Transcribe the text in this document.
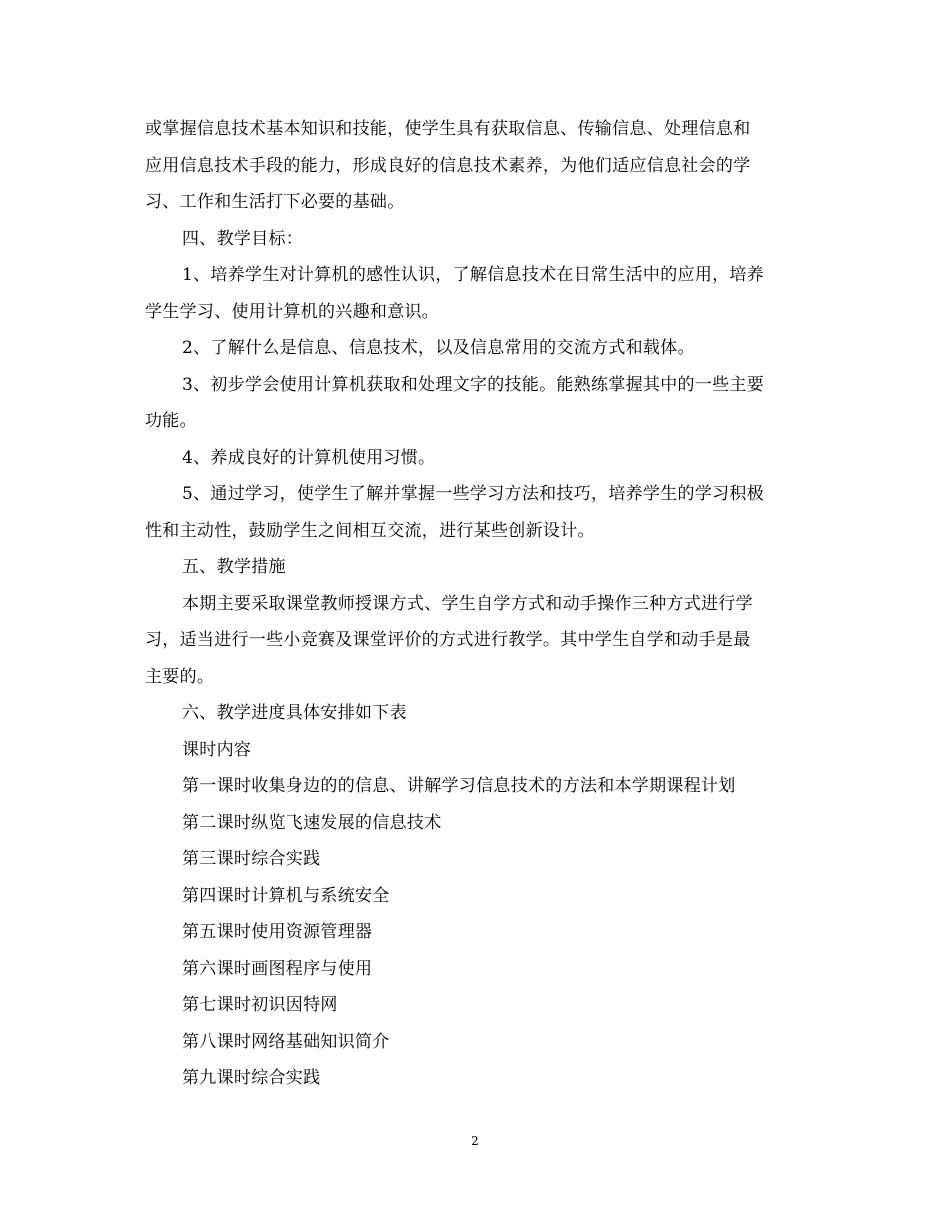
或掌握信息技术基本知识和技能，使学生具有获取信息、传输信息、处理信息和
应用信息技术手段的能力，形成良好的信息技术素养，为他们适应信息社会的学
习、工作和生活打下必要的基础。
四、教学目标：
1、培养学生对计算机的感性认识，了解信息技术在日常生活中的应用，培养
学生学习、使用计算机的兴趣和意识。
2、了解什么是信息、信息技术，以及信息常用的交流方式和载体。
3、初步学会使用计算机获取和处理文字的技能。能熟练掌握其中的一些主要
功能。
4、养成良好的计算机使用习惯。
5、通过学习，使学生了解并掌握一些学习方法和技巧，培养学生的学习积极
性和主动性，鼓励学生之间相互交流，进行某些创新设计。
五、教学措施
本期主要采取课堂教师授课方式、学生自学方式和动手操作三种方式进行学
习，适当进行一些小竞赛及课堂评价的方式进行教学。其中学生自学和动手是最
主要的。
六、教学进度具体安排如下表
课时内容
第一课时收集身边的的信息、讲解学习信息技术的方法和本学期课程计划
第二课时纵览飞速发展的信息技术
第三课时综合实践
第四课时计算机与系统安全
第五课时使用资源管理器
第六课时画图程序与使用
第七课时初识因特网
第八课时网络基础知识简介
第九课时综合实践
2
